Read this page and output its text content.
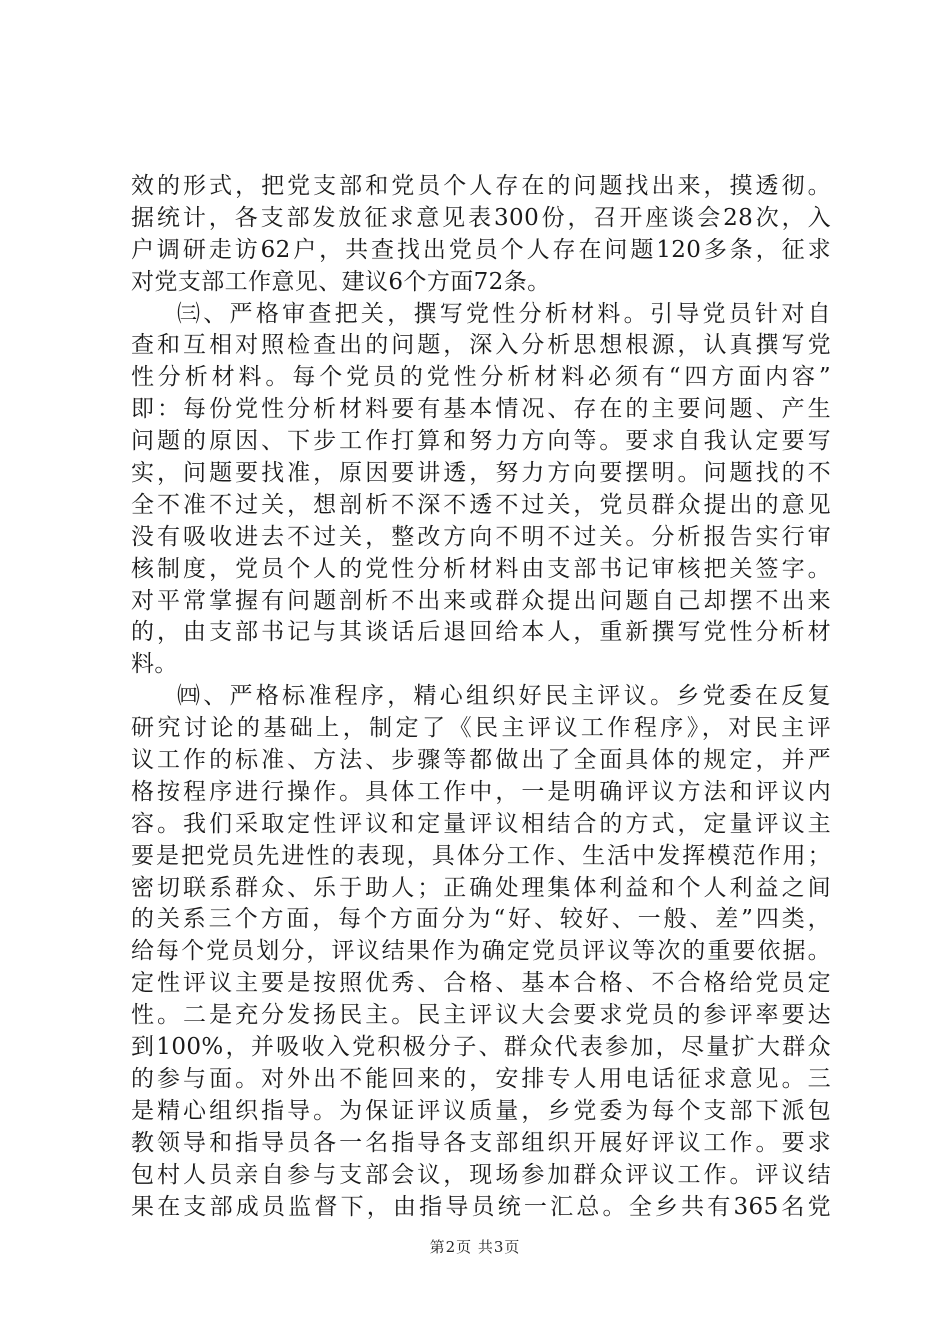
效的形式，把党支部和党员个人存在的问题找出来，摸透彻。
据统计，各支部发放征求意见表300份，召开座谈会28次，入
户调研走访62户，共查找出党员个人存在问题120多条，征求
对党支部工作意见、建议6个方面72条。
㈢、严格审查把关，撰写党性分析材料。引导党员针对自
查和互相对照检查出的问题，深入分析思想根源，认真撰写党
性分析材料。每个党员的党性分析材料必须有“四方面内容”
即：每份党性分析材料要有基本情况、存在的主要问题、产生
问题的原因、下步工作打算和努力方向等。要求自我认定要写
实，问题要找准，原因要讲透，努力方向要摆明。问题找的不
全不准不过关，想剖析不深不透不过关，党员群众提出的意见
没有吸收进去不过关，整改方向不明不过关。分析报告实行审
核制度，党员个人的党性分析材料由支部书记审核把关签字。
对平常掌握有问题剖析不出来或群众提出问题自己却摆不出来
的，由支部书记与其谈话后退回给本人，重新撰写党性分析材
料。
㈣、严格标准程序，精心组织好民主评议。乡党委在反复
研究讨论的基础上，制定了《民主评议工作程序》，对民主评
议工作的标准、方法、步骤等都做出了全面具体的规定，并严
格按程序进行操作。具体工作中，一是明确评议方法和评议内
容。我们采取定性评议和定量评议相结合的方式，定量评议主
要是把党员先进性的表现，具体分工作、生活中发挥模范作用；
密切联系群众、乐于助人；正确处理集体利益和个人利益之间
的关系三个方面，每个方面分为“好、较好、一般、差”四类，
给每个党员划分，评议结果作为确定党员评议等次的重要依据。
定性评议主要是按照优秀、合格、基本合格、不合格给党员定
性。二是充分发扬民主。民主评议大会要求党员的参评率要达
到100%，并吸收入党积极分子、群众代表参加，尽量扩大群众
的参与面。对外出不能回来的，安排专人用电话征求意见。三
是精心组织指导。为保证评议质量，乡党委为每个支部下派包
教领导和指导员各一名指导各支部组织开展好评议工作。要求
包村人员亲自参与支部会议，现场参加群众评议工作。评议结
果在支部成员监督下，由指导员统一汇总。全乡共有365名党
第2页 共3页
